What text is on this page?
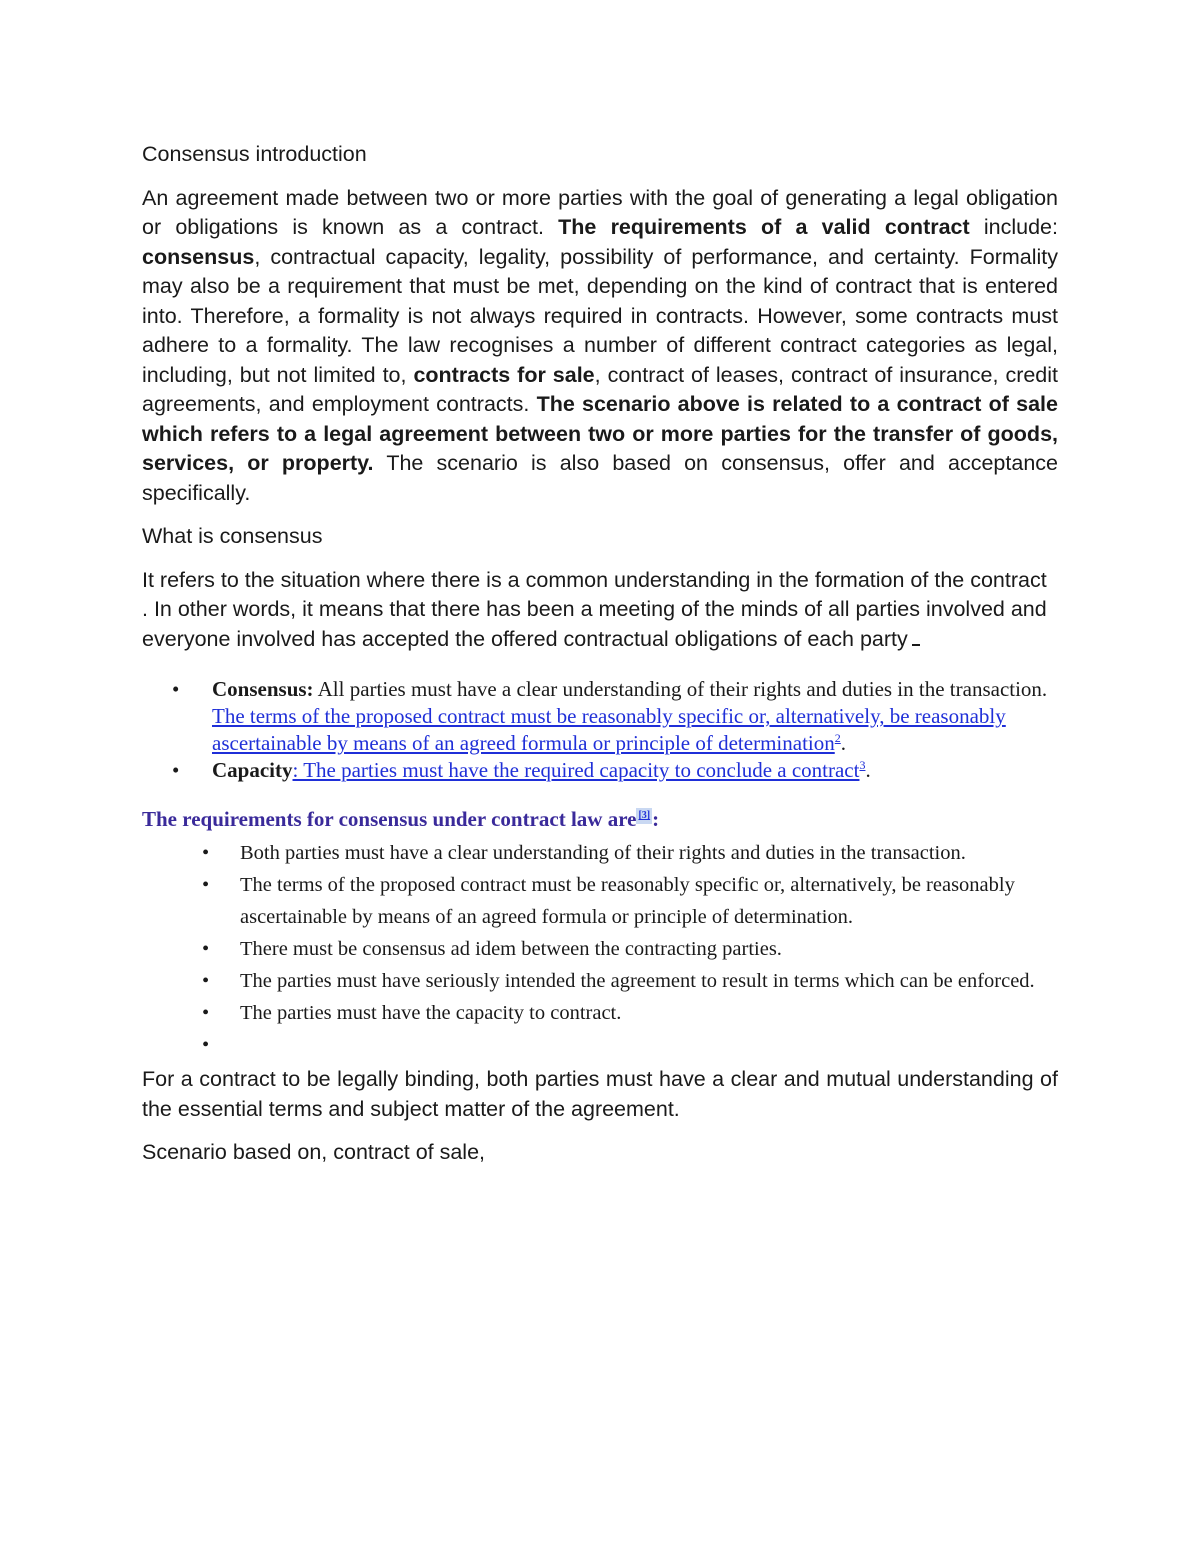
Consensus introduction

An agreement made between two or more parties with the goal of generating a legal obligation or obligations is known as a contract. The requirements of a valid contract include: consensus, contractual capacity, legality, possibility of performance, and certainty. Formality may also be a requirement that must be met, depending on the kind of contract that is entered into. Therefore, a formality is not always required in contracts. However, some contracts must adhere to a formality. The law recognises a number of different contract categories as legal, including, but not limited to, contracts for sale, contract of leases, contract of insurance, credit agreements, and employment contracts. The scenario above is related to a contract of sale which refers to a legal agreement between two or more parties for the transfer of goods, services, or property. The scenario is also based on consensus, offer and acceptance specifically.

What is consensus

It refers to the situation where there is a common understanding in the formation of the contract . In other words, it means that there has been a meeting of the minds of all parties involved and everyone involved has accepted the offered contractual obligations of each party

• Consensus: All parties must have a clear understanding of their rights and duties in the transaction. The terms of the proposed contract must be reasonably specific or, alternatively, be reasonably ascertainable by means of an agreed formula or principle of determination$^2$.
• Capacity: The parties must have the required capacity to conclude a contract$^3$.

The requirements for consensus under contract law are [3]:

• Both parties must have a clear understanding of their rights and duties in the transaction.
• The terms of the proposed contract must be reasonably specific or, alternatively, be reasonably ascertainable by means of an agreed formula or principle of determination.
• There must be consensus ad idem between the contracting parties.
• The parties must have seriously intended the agreement to result in terms which can be enforced.
• The parties must have the capacity to contract.
•

For a contract to be legally binding, both parties must have a clear and mutual understanding of the essential terms and subject matter of the agreement.

Scenario based on, contract of sale,
